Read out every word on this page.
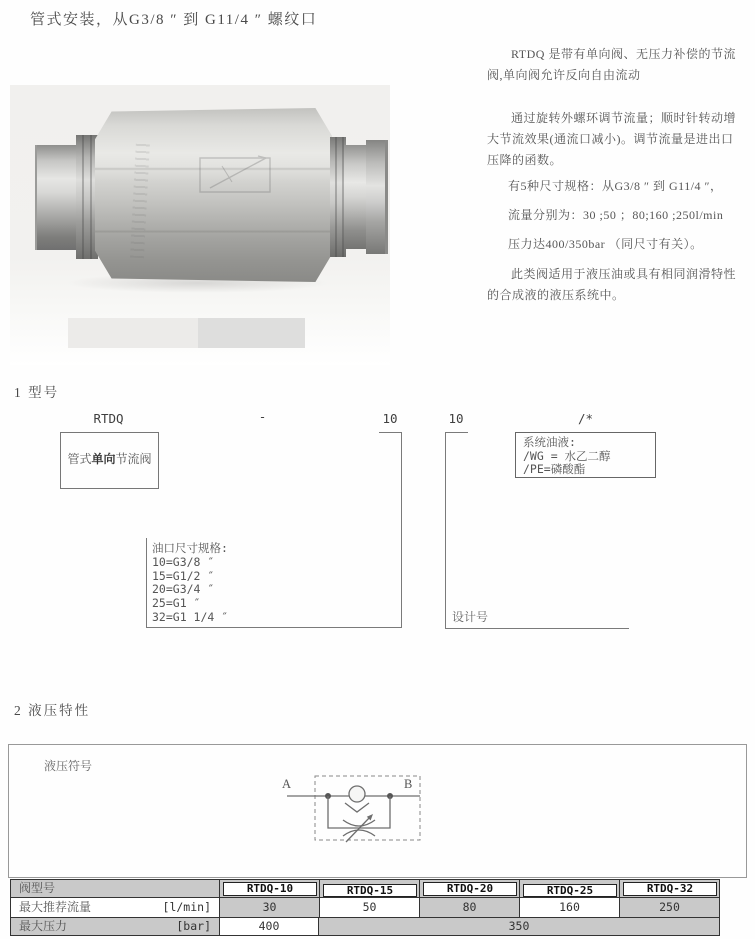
管式安装，从G3/8 ″ 到 G11/4 ″ 螺纹口
RTDQ 是带有单向阀、无压力补偿的节流阀,单向阀允许反向自由流动
通过旋转外螺环调节流量；顺时针转动增大节流效果(通流口减小)。调节流量是进出口压降的函数。
有5种尺寸规格：从G3/8 ″ 到 G11/4 ″，
流量分别为：30 ;50 ；80;160 ;250l/min
压力达400/350bar （同尺寸有关）。
此类阀适用于液压油或具有相同润滑特性的合成液的液压系统中。
1 型号
RTDQ	-	10	10	/*
管式单向节流阀
油口尺寸规格:
10=G3/8 ″
15=G1/2 ″
20=G3/4 ″
25=G1 ″
32=G1 1/4 ″	设计号
系统油液:
/WG = 水乙二醇
/PE=磷酸酯
2 液压特性
液压符号
A	B
阀型号	RTDQ-10	RTDQ-15	RTDQ-20	RTDQ-25	RTDQ-32
最大推荐流量	[l/min]	30	50	80	160	250
最大压力	[bar]	400	350
